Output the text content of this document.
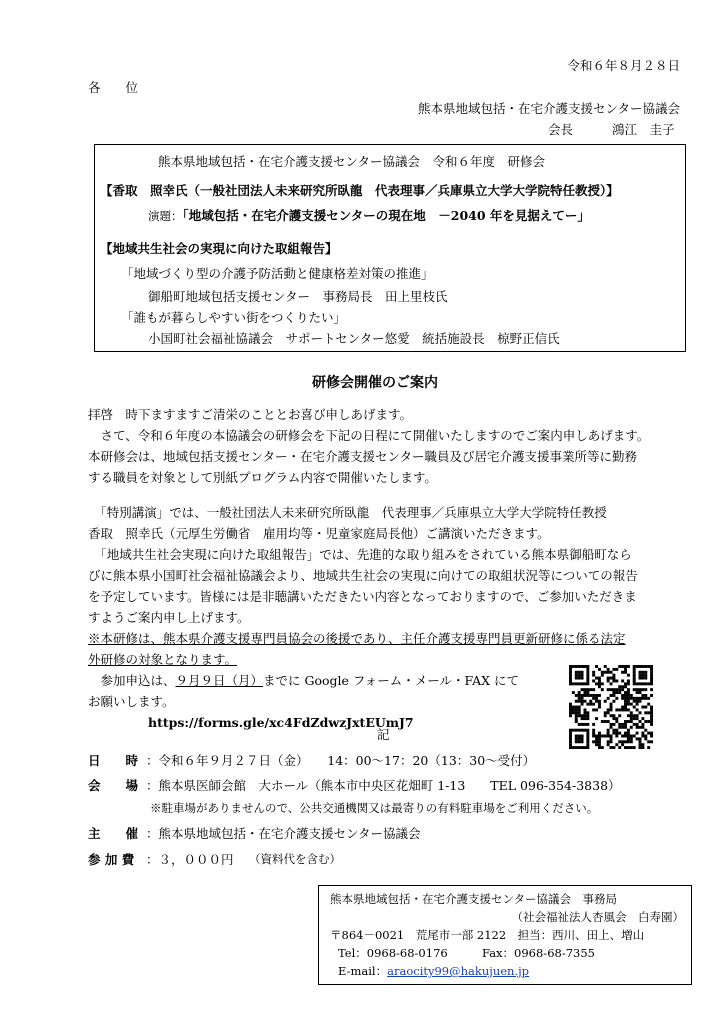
令和６年８月２８日
各　　位
熊本県地域包括・在宅介護支援センター協議会
会長	鴻江　圭子
熊本県地域包括・在宅介護支援センター協議会　令和６年度　研修会
【香取　照幸氏（一般社団法人未来研究所臥龍　代表理事／兵庫県立大学大学院特任教授）】
演題：「地域包括・在宅介護支援センターの現在地　－2040 年を見据えてー」
【地域共生社会の実現に向けた取組報告】
「地域づくり型の介護予防活動と健康格差対策の推進」
御船町地域包括支援センター　事務局長　田上里枝氏
「誰もが暮らしやすい街をつくりたい」
小国町社会福祉協議会　サポートセンター悠愛　統括施設長　椋野正信氏
研修会開催のご案内
拝啓　時下ますますご清栄のこととお喜び申しあげます。
　さて、令和６年度の本協議会の研修会を下記の日程にて開催いたしますのでご案内申しあげます。
本研修会は、地域包括支援センター・在宅介護支援センター職員及び居宅介護支援事業所等に勤務
する職員を対象として別紙プログラム内容で開催いたします。
　「特別講演」では、一般社団法人未来研究所臥龍　代表理事／兵庫県立大学大学院特任教授
香取　照幸氏（元厚生労働省　雇用均等・児童家庭局長他）ご講演いただきます。
　「地域共生社会実現に向けた取組報告」では、先進的な取り組みをされている熊本県御船町なら
びに熊本県小国町社会福祉協議会より、地域共生社会の実現に向けての取組状況等についての報告
を予定しています。皆様には是非聴講いただきたい内容となっておりますので、ご参加いただきま
すようご案内申し上げます。
※本研修は、熊本県介護支援専門員協会の後援であり、主任介護支援専門員更新研修に係る法定
外研修の対象となります。
　参加申込は、９月９日（月）までに Google フォーム・メール・FAX にて
お願いします。
https://forms.gle/xc4FdZdwzJxtEUmJ7
記
日　　時 ：令和６年９月２７日（金）　　14：00～17：20（13：30～受付）
会　　場 ：熊本県医師会館　大ホール（熊本市中央区花畑町 1-13　　TEL 096-354-3838）
※駐車場がありませんので、公共交通機関又は最寄りの有料駐車場をご利用ください。
主　　催 ：熊本県地域包括・在宅介護支援センター協議会
参 加 費 ：３，０００円 （資料代を含む）
熊本県地域包括・在宅介護支援センター協議会　事務局
（社会福祉法人杏風会　白寿園）
〒864－0021　荒尾市一部 2122　担当：西川、田上、増山
Tel：0968-68-0176	Fax：0968-68-7355
E-mail：araocity99@hakujuen.jp
